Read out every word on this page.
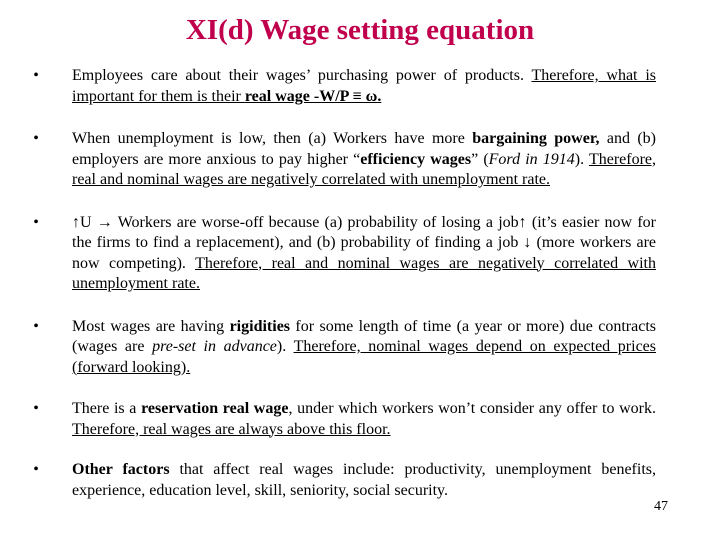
XI(d) Wage setting equation
• Employees care about their wages’ purchasing power of products. Therefore, what is important for them is their real wage -W/P ≡ ω.
• When unemployment is low, then (a) Workers have more bargaining power, and (b) employers are more anxious to pay higher “efficiency wages” (Ford in 1914). Therefore, real and nominal wages are negatively correlated with unemployment rate.
• ↑U → Workers are worse-off because (a) probability of losing a job↑ (it’s easier now for the firms to find a replacement), and (b) probability of finding a job ↓ (more workers are now competing). Therefore, real and nominal wages are negatively correlated with unemployment rate.
• Most wages are having rigidities for some length of time (a year or more) due contracts (wages are pre-set in advance). Therefore, nominal wages depend on expected prices (forward looking).
• There is a reservation real wage, under which workers won’t consider any offer to work. Therefore, real wages are always above this floor.
• Other factors that affect real wages include: productivity, unemployment benefits, experience, education level, skill, seniority, social security.
47
